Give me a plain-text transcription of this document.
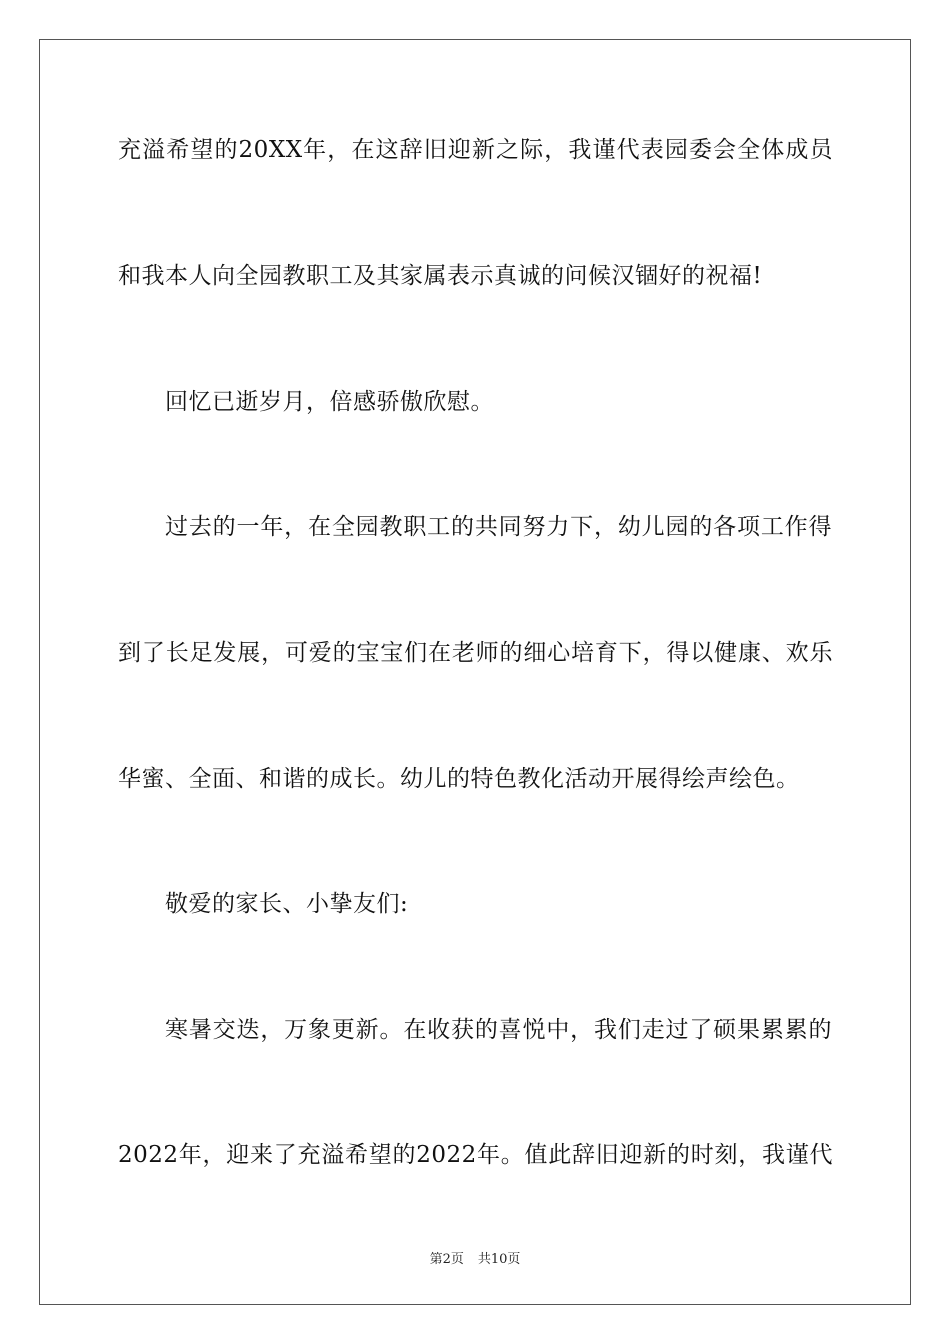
充溢希望的20XX年，在这辞旧迎新之际，我谨代表园委会全体成员
和我本人向全园教职工及其家属表示真诚的问候汉锢好的祝福!
回忆已逝岁月，倍感骄傲欣慰。
过去的一年，在全园教职工的共同努力下，幼儿园的各项工作得
到了长足发展，可爱的宝宝们在老师的细心培育下，得以健康、欢乐
华蜜、全面、和谐的成长。幼儿的特色教化活动开展得绘声绘色。
敬爱的家长、小挚友们:
寒暑交迭，万象更新。在收获的喜悦中，我们走过了硕果累累的
2022年，迎来了充溢希望的2022年。值此辞旧迎新的时刻，我谨代
第2页 共10页
